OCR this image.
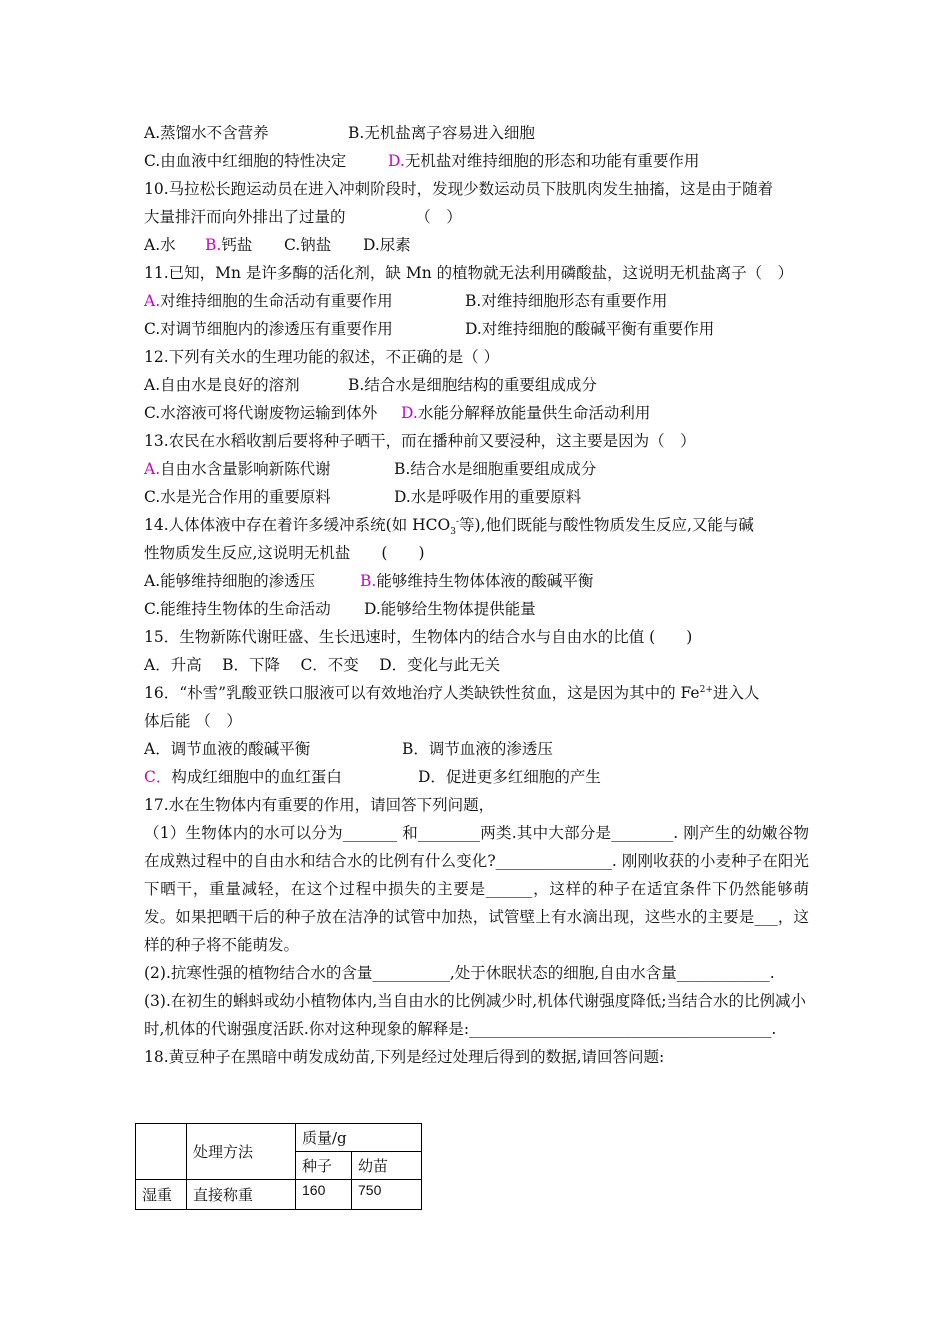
A.蒸馏水不含营养	B.无机盐离子容易进入细胞
C.由血液中红细胞的特性决定	D.无机盐对维持细胞的形态和功能有重要作用
10.马拉松长跑运动员在进入冲刺阶段时，发现少数运动员下肢肌肉发生抽搐，这是由于随着
大量排汗而向外排出了过量的　　　　　（　）
A.水 B.钙盐 C.钠盐 D.尿素
11.已知，Mn 是许多酶的活化剂，缺 Mn 的植物就无法利用磷酸盐，这说明无机盐离子（　）
A.对维持细胞的生命活动有重要作用	B.对维持细胞形态有重要作用
C.对调节细胞内的渗透压有重要作用	D.对维持细胞的酸碱平衡有重要作用
12.下列有关水的生理功能的叙述，不正确的是（ ）
A.自由水是良好的溶剂	B.结合水是细胞结构的重要组成成分
C.水溶液可将代谢废物运输到体外 D.水能分解释放能量供生命活动利用
13.农民在水稻收割后要将种子晒干，而在播种前又要浸种，这主要是因为（　）
A.自由水含量影响新陈代谢	B.结合水是细胞重要组成成分
C.水是光合作用的重要原料	D.水是呼吸作用的重要原料
14.人体体液中存在着许多缓冲系统(如 $HCO_3^-$等),他们既能与酸性物质发生反应,又能与碱
性物质发生反应,这说明无机盐　　(　　)
A.能够维持细胞的渗透压	B.能够维持生物体体液的酸碱平衡
C.能维持生物体的生命活动 D.能够给生物体提供能量
15．生物新陈代谢旺盛、生长迅速时，生物体内的结合水与自由水的比值 (　　)
A．升高　 B．下降　 C．不变　 D．变化与此无关
16．“朴雪”乳酸亚铁口服液可以有效地治疗人类缺铁性贫血，这是因为其中的 $Fe^{2+}$进入人
体后能 （　）
A．调节血液的酸碱平衡	B．调节血液的渗透压
C．构成红细胞中的血红蛋白	D．促进更多红细胞的产生
17.水在生物体内有重要的作用，请回答下列问题，
（1）生物体内的水可以分为_______ 和________两类.其中大部分是________. 刚产生的幼嫩谷物在成熟过程中的自由水和结合水的比例有什么变化?_______________. 刚刚收获的小麦种子在阳光下晒干，重量减轻，在这个过程中损失的主要是______，这样的种子在适宜条件下仍然能够萌发。如果把晒干后的种子放在洁净的试管中加热，试管壁上有水滴出现，这些水的主要是___，这样的种子将不能萌发。
(2).抗寒性强的植物结合水的含量__________,处于休眠状态的细胞,自由水含量____________.
(3).在初生的蝌蚪或幼小植物体内,当自由水的比例减少时,机体代谢强度降低;当结合水的比例减小时,机体的代谢强度活跃.你对这种现象的解释是:_______________________________________.
18.黄豆种子在黑暗中萌发成幼苗,下列是经过处理后得到的数据,请回答问题:
	处理方法	质量/g	
		种子	幼苗
湿重	直接称重	160	750
